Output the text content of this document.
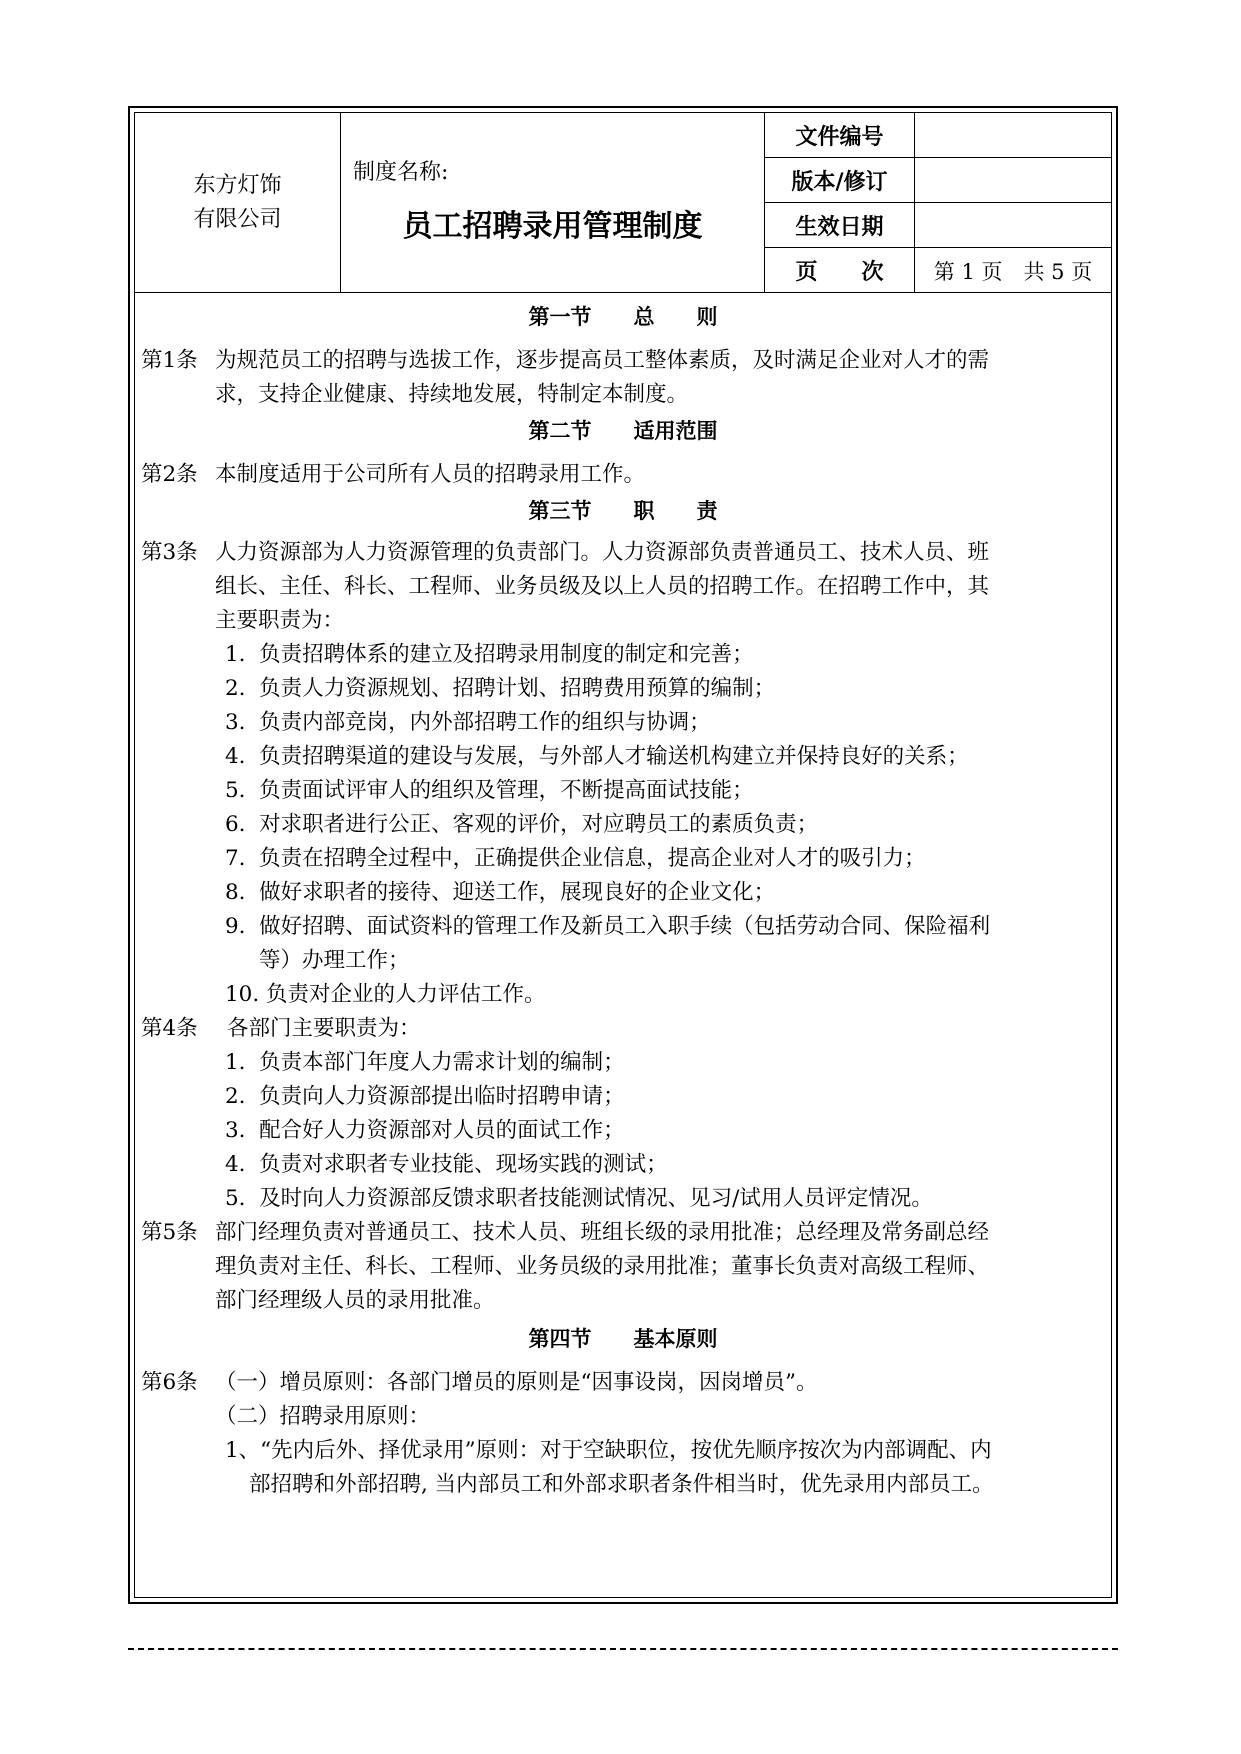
东方灯饰
有限公司
制度名称:
员工招聘录用管理制度
文件编号
版本/修订
生效日期
页　　次	第 1 页　共 5 页
第一节　　总　　则
第1条 为规范员工的招聘与选拔工作，逐步提高员工整体素质，及时满足企业对人才的需
求，支持企业健康、持续地发展，特制定本制度。
第二节　　适用范围
第2条 本制度适用于公司所有人员的招聘录用工作。
第三节　　职　　责
第3条 人力资源部为人力资源管理的负责部门。人力资源部负责普通员工、技术人员、班
组长、主任、科长、工程师、业务员级及以上人员的招聘工作。在招聘工作中，其
主要职责为：
1.  负责招聘体系的建立及招聘录用制度的制定和完善；
2.  负责人力资源规划、招聘计划、招聘费用预算的编制；
3.  负责内部竞岗，内外部招聘工作的组织与协调；
4.  负责招聘渠道的建设与发展，与外部人才输送机构建立并保持良好的关系；
5.  负责面试评审人的组织及管理，不断提高面试技能；
6.  对求职者进行公正、客观的评价，对应聘员工的素质负责；
7.  负责在招聘全过程中，正确提供企业信息，提高企业对人才的吸引力；
8.  做好求职者的接待、迎送工作，展现良好的企业文化；
9.  做好招聘、面试资料的管理工作及新员工入职手续（包括劳动合同、保险福利
等）办理工作；
10. 负责对企业的人力评估工作。
第4条 各部门主要职责为：
1.  负责本部门年度人力需求计划的编制；
2.  负责向人力资源部提出临时招聘申请；
3.  配合好人力资源部对人员的面试工作；
4.  负责对求职者专业技能、现场实践的测试；
5.  及时向人力资源部反馈求职者技能测试情况、见习/试用人员评定情况。
第5条 部门经理负责对普通员工、技术人员、班组长级的录用批准；总经理及常务副总经
理负责对主任、科长、工程师、业务员级的录用批准；董事长负责对高级工程师、
部门经理级人员的录用批准。
第四节　　基本原则
第6条 （一）增员原则：各部门增员的原则是“因事设岗，因岗增员”。
（二）招聘录用原则：
1、“先内后外、择优录用”原则：对于空缺职位，按优先顺序按次为内部调配、内
部招聘和外部招聘, 当内部员工和外部求职者条件相当时，优先录用内部员工。
